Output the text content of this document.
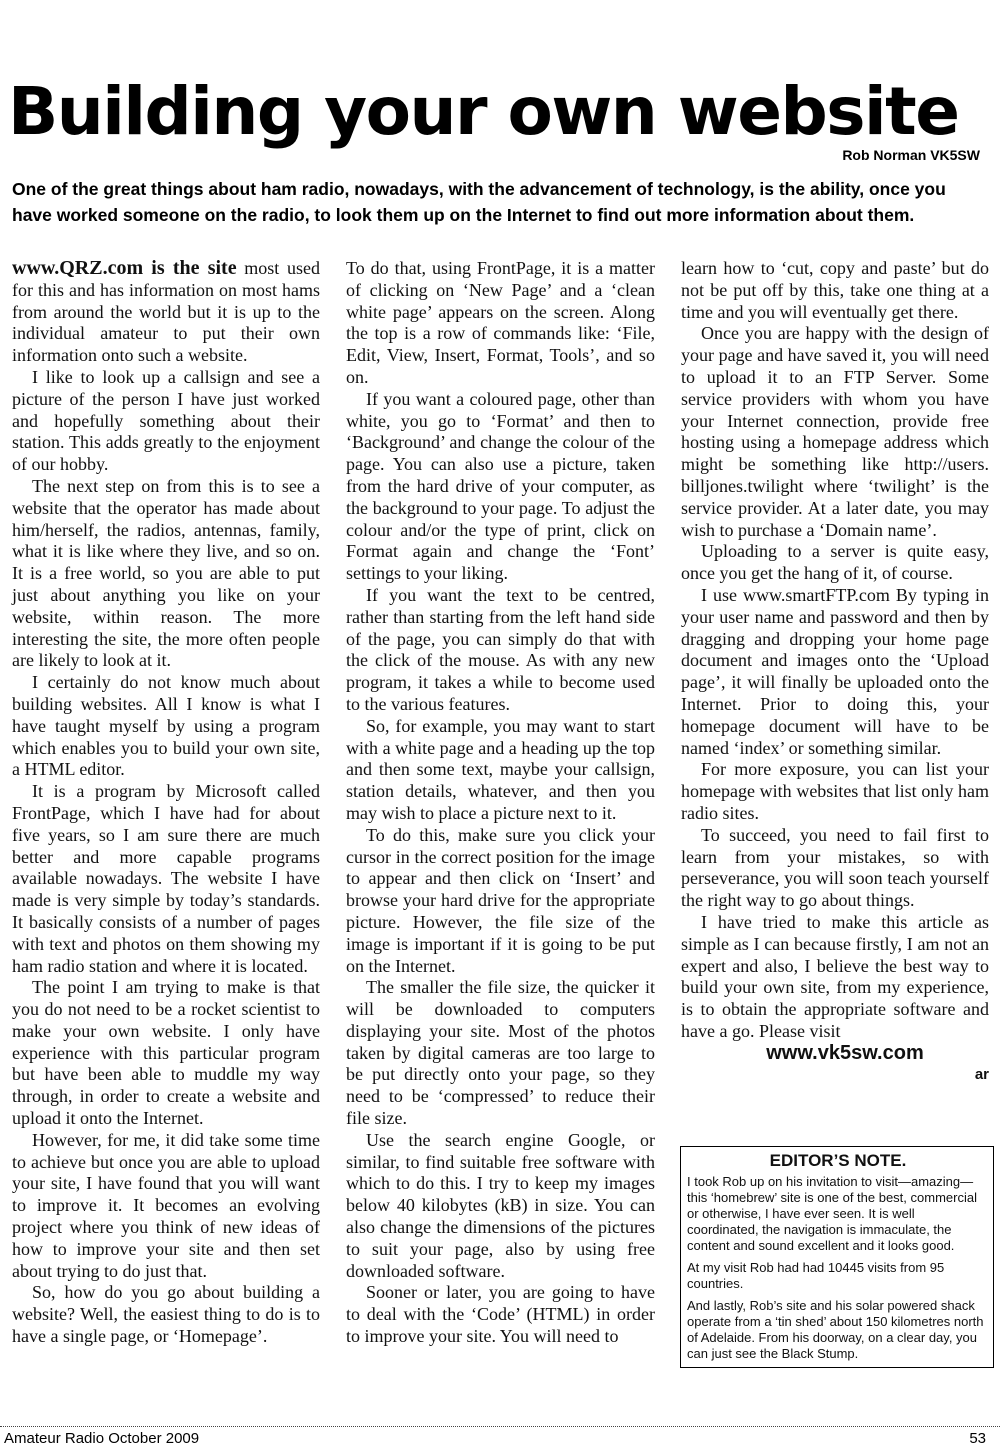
Building your own website
Rob Norman VK5SW

One of the great things about ham radio, nowadays, with the advancement of technology, is the ability, once you have worked someone on the radio, to look them up on the Internet to find out more information about them.

www.QRZ.com is the site most used for this and has information on most hams from around the world but it is up to the individual amateur to put their own information onto such a website.

I like to look up a callsign and see a picture of the person I have just worked and hopefully something about their station. This adds greatly to the enjoyment of our hobby.

The next step on from this is to see a website that the operator has made about him/herself, the radios, antennas, family, what it is like where they live, and so on. It is a free world, so you are able to put just about anything you like on your website, within reason. The more interesting the site, the more often people are likely to look at it.

I certainly do not know much about building websites. All I know is what I have taught myself by using a program which enables you to build your own site, a HTML editor.

It is a program by Microsoft called FrontPage, which I have had for about five years, so I am sure there are much better and more capable programs available nowadays. The website I have made is very simple by today’s standards. It basically consists of a number of pages with text and photos on them showing my ham radio station and where it is located.

The point I am trying to make is that you do not need to be a rocket scientist to make your own website. I only have experience with this particular program but have been able to muddle my way through, in order to create a website and upload it onto the Internet.

However, for me, it did take some time to achieve but once you are able to upload your site, I have found that you will want to improve it. It becomes an evolving project where you think of new ideas of how to improve your site and then set about trying to do just that.

So, how do you go about building a website? Well, the easiest thing to do is to have a single page, or ‘Homepage’.

To do that, using FrontPage, it is a matter of clicking on ‘New Page’ and a ‘clean white page’ appears on the screen. Along the top is a row of commands like: ‘File, Edit, View, Insert, Format, Tools’, and so on.

If you want a coloured page, other than white, you go to ‘Format’ and then to ‘Background’ and change the colour of the page. You can also use a picture, taken from the hard drive of your computer, as the background to your page. To adjust the colour and/or the type of print, click on Format again and change the ‘Font’ settings to your liking.

If you want the text to be centred, rather than starting from the left hand side of the page, you can simply do that with the click of the mouse. As with any new program, it takes a while to become used to the various features.

So, for example, you may want to start with a white page and a heading up the top and then some text, maybe your callsign, station details, whatever, and then you may wish to place a picture next to it.

To do this, make sure you click your cursor in the correct position for the image to appear and then click on ‘Insert’ and browse your hard drive for the appropriate picture. However, the file size of the image is important if it is going to be put on the Internet.

The smaller the file size, the quicker it will be downloaded to computers displaying your site. Most of the photos taken by digital cameras are too large to be put directly onto your page, so they need to be ‘compressed’ to reduce their file size.

Use the search engine Google, or similar, to find suitable free software with which to do this. I try to keep my images below 40 kilobytes (kB) in size. You can also change the dimensions of the pictures to suit your page, also by using free downloaded software.

Sooner or later, you are going to have to deal with the ‘Code’ (HTML) in order to improve your site. You will need to

learn how to ‘cut, copy and paste’ but do not be put off by this, take one thing at a time and you will eventually get there.

Once you are happy with the design of your page and have saved it, you will need to upload it to an FTP Server. Some service providers with whom you have your Internet connection, provide free hosting using a homepage address which might be something like http://users. billjones.twilight where ‘twilight’ is the service provider. At a later date, you may wish to purchase a ‘Domain name’.

Uploading to a server is quite easy, once you get the hang of it, of course.

I use www.smartFTP.com By typing in your user name and password and then by dragging and dropping your home page document and images onto the ‘Upload page’, it will finally be uploaded onto the Internet. Prior to doing this, your homepage document will have to be named ‘index’ or something similar.

For more exposure, you can list your homepage with websites that list only ham radio sites.

To succeed, you need to fail first to learn from your mistakes, so with perseverance, you will soon teach yourself the right way to go about things.

I have tried to make this article as simple as I can because firstly, I am not an expert and also, I believe the best way to build your own site, from my experience, is to obtain the appropriate software and have a go. Please visit

www.vk5sw.com

ar

EDITOR’S NOTE.

I took Rob up on his invitation to visit—amazing—this ‘homebrew’ site is one of the best, commercial or otherwise, I have ever seen. It is well coordinated, the navigation is immaculate, the content and sound excellent and it looks good.

At my visit Rob had had 10445 visits from 95 countries.

And lastly, Rob’s site and his solar powered shack operate from a ‘tin shed’ about 150 kilometres north of Adelaide. From his doorway, on a clear day, you can just see the Black Stump.

Amateur Radio October 2009	53
